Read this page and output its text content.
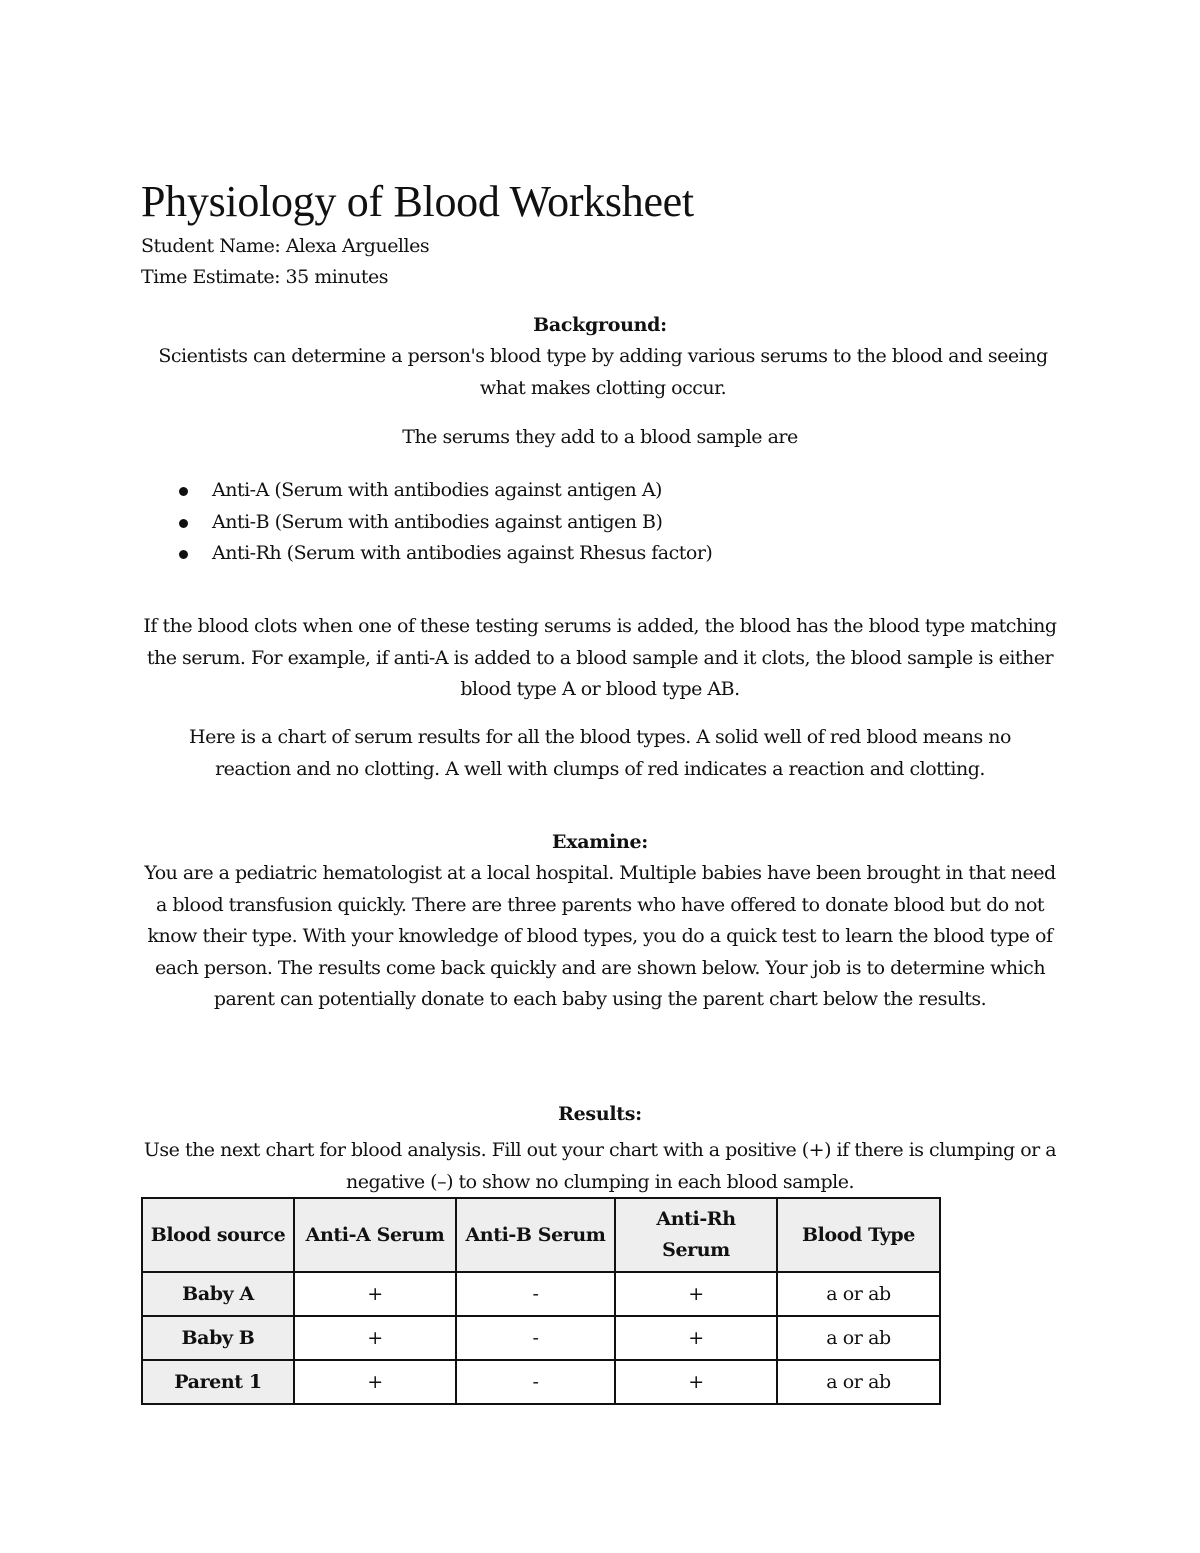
Physiology of Blood Worksheet

Student Name: Alexa Arguelles

Time Estimate: 35 minutes

Background:

Scientists can determine a person's blood type by adding various serums to the blood and seeing what makes clotting occur.

The serums they add to a blood sample are

Anti-A (Serum with antibodies against antigen A)
Anti-B (Serum with antibodies against antigen B)
Anti-Rh (Serum with antibodies against Rhesus factor)

If the blood clots when one of these testing serums is added, the blood has the blood type matching the serum. For example, if anti-A is added to a blood sample and it clots, the blood sample is either blood type A or blood type AB.

Here is a chart of serum results for all the blood types. A solid well of red blood means no reaction and no clotting. A well with clumps of red indicates a reaction and clotting.

Examine:

You are a pediatric hematologist at a local hospital. Multiple babies have been brought in that need a blood transfusion quickly. There are three parents who have offered to donate blood but do not know their type. With your knowledge of blood types, you do a quick test to learn the blood type of each person. The results come back quickly and are shown below. Your job is to determine which parent can potentially donate to each baby using the parent chart below the results.

Results:

Use the next chart for blood analysis. Fill out your chart with a positive (+) if there is clumping or a negative (–) to show no clumping in each blood sample.

Blood source	Anti-A Serum	Anti-B Serum	Anti-Rh Serum	Blood Type
Baby A	+	-	+	a or ab
Baby B	+	-	+	a or ab
Parent 1	+	-	+	a or ab
